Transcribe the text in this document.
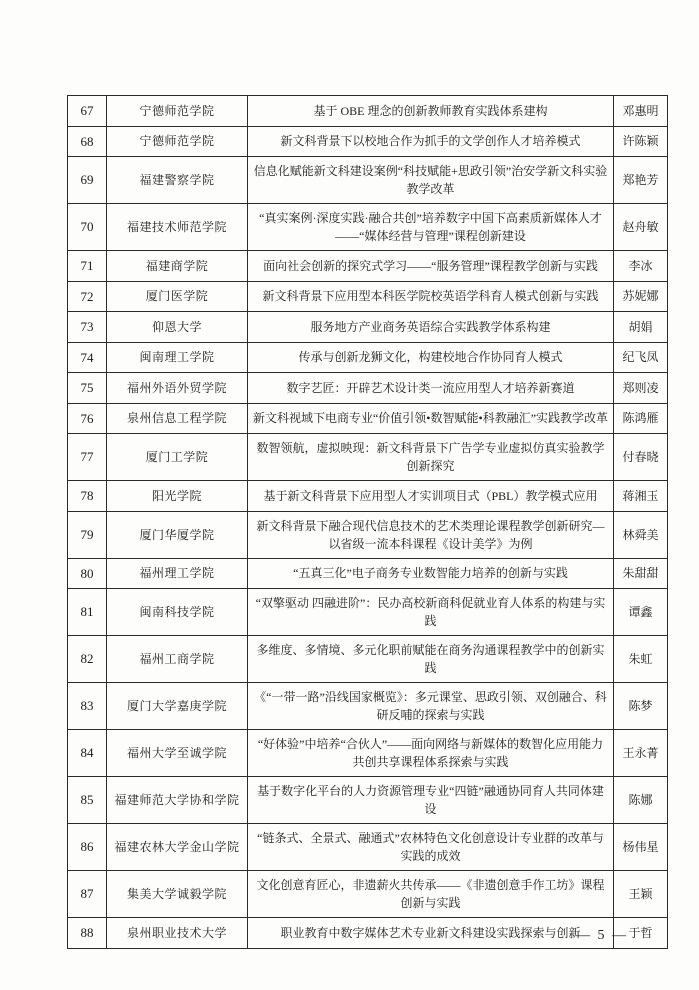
67	宁德师范学院	基于 OBE 理念的创新教师教育实践体系建构	邓惠明
68	宁德师范学院	新文科背景下以校地合作为抓手的文学创作人才培养模式	许陈颖
69	福建警察学院	信息化赋能新文科建设案例“科技赋能+思政引领”治安学新文科实验教学改革	郑艳芳
70	福建技术师范学院	“真实案例·深度实践·融合共创”培养数字中国下高素质新媒体人才——“媒体经营与管理”课程创新建设	赵舟敏
71	福建商学院	面向社会创新的探究式学习——“服务管理”课程教学创新与实践	李冰
72	厦门医学院	新文科背景下应用型本科医学院校英语学科育人模式创新与实践	苏妮娜
73	仰恩大学	服务地方产业商务英语综合实践教学体系构建	胡娟
74	闽南理工学院	传承与创新龙狮文化，构建校地合作协同育人模式	纪飞凤
75	福州外语外贸学院	数字艺匠：开辟艺术设计类一流应用型人才培养新赛道	郑则凌
76	泉州信息工程学院	新文科视域下电商专业“价值引领•数智赋能•科教融汇”实践教学改革	陈鸿雁
77	厦门工学院	数智领航，虚拟映现：新文科背景下广告学专业虚拟仿真实验教学创新探究	付春晓
78	阳光学院	基于新文科背景下应用型人才实训项目式（PBL）教学模式应用	蒋湘玉
79	厦门华厦学院	新文科背景下融合现代信息技术的艺术类理论课程教学创新研究—以省级一流本科课程《设计美学》为例	林舜美
80	福州理工学院	“五真三化”电子商务专业数智能力培养的创新与实践	朱甜甜
81	闽南科技学院	“双擎驱动 四融进阶”：民办高校新商科促就业育人体系的构建与实践	谭鑫
82	福州工商学院	多维度、多情境、多元化职前赋能在商务沟通课程教学中的创新实践	朱虹
83	厦门大学嘉庚学院	《“一带一路”沿线国家概览》：多元课堂、思政引领、双创融合、科研反哺的探索与实践	陈梦
84	福州大学至诚学院	“好体验”中培养“合伙人”——面向网络与新媒体的数智化应用能力共创共享课程体系探索与实践	王永菁
85	福建师范大学协和学院	基于数字化平台的人力资源管理专业“四链”融通协同育人共同体建设	陈娜
86	福建农林大学金山学院	“链条式、全景式、融通式”农林特色文化创意设计专业群的改革与实践的成效	杨伟星
87	集美大学诚毅学院	文化创意育匠心，非遗薪火共传承——《非遗创意手作工坊》课程创新与实践	王颖
88	泉州职业技术大学	职业教育中数字媒体艺术专业新文科建设实践探索与创新	于哲
— 5 —
